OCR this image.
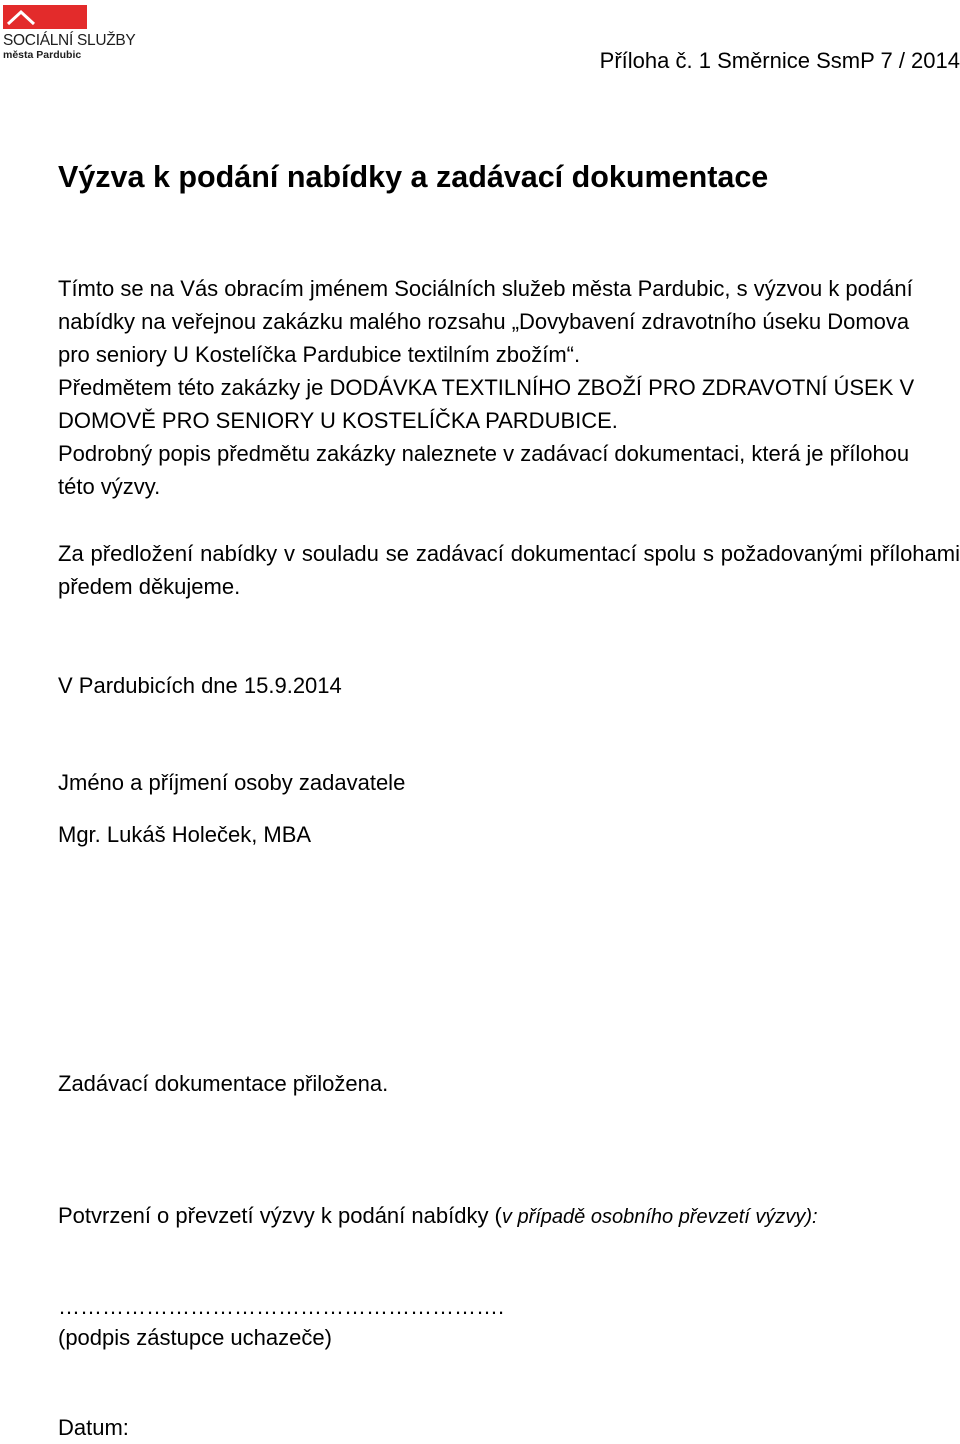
SOCIÁLNÍ SLUŽBY
města Pardubic	Příloha č. 1 Směrnice SsmP 7 / 2014
Výzva k podání nabídky a zadávací dokumentace
Tímto se na Vás obracím jménem Sociálních služeb města Pardubic, s výzvou k podání nabídky na veřejnou zakázku malého rozsahu „Dovybavení zdravotního úseku Domova pro seniory U Kostelíčka Pardubice textilním zbožím“.
Předmětem této zakázky je DODÁVKA TEXTILNÍHO ZBOŽÍ PRO ZDRAVOTNÍ ÚSEK V DOMOVĚ PRO SENIORY U KOSTELÍČKA PARDUBICE.
Podrobný popis předmětu zakázky naleznete v zadávací dokumentaci, která je přílohou této výzvy.

Za předložení nabídky v souladu se zadávací dokumentací spolu s požadovanými přílohami předem děkujeme.

V Pardubicích dne 15.9.2014

Jméno a příjmení osoby zadavatele

Mgr. Lukáš Holeček, MBA

Zadávací dokumentace přiložena.

Potvrzení o převzetí výzvy k podání nabídky (v případě osobního převzetí výzvy):

…………………………………………………….

(podpis zástupce uchazeče)

Datum:
